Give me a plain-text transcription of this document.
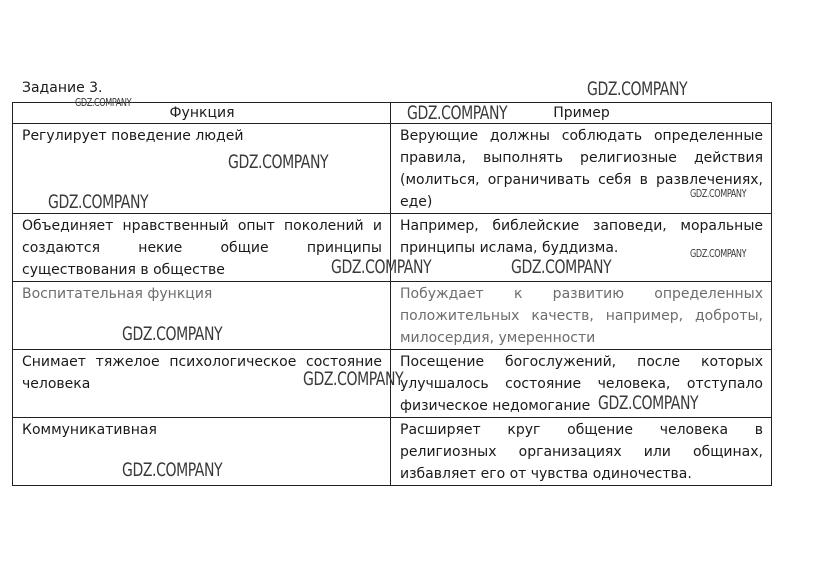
Задание 3.
Функция	Пример
Регулирует поведение людей	Верующие должны соблюдать определенные правила, выполнять религиозные действия (молиться, ограничивать себя в развлечениях, еде)
Объединяет нравственный опыт поколений и создаются некие общие принципы существования в обществе	Например, библейские заповеди, моральные принципы ислама, буддизма.
Воспитательная функция	Побуждает к развитию определенных положительных качеств, например, доброты, милосердия, умеренности
Снимает тяжелое психологическое состояние человека	Посещение богослужений, после которых улучшалось состояние человека, отступало физическое недомогание
Коммуникативная	Расширяет круг общение человека в религиозных организациях или общинах, избавляет его от чувства одиночества.
GDZ.COMPANY
GDZ.COMPANY	GDZ.COMPANY
GDZ.COMPANY
GDZ.COMPANY
GDZ.COMPANY
GDZ.COMPANY
GDZ.COMPANY	GDZ.COMPANY
GDZ.COMPANY
GDZ.COMPANY
GDZ.COMPANY
GDZ.COMPANY
